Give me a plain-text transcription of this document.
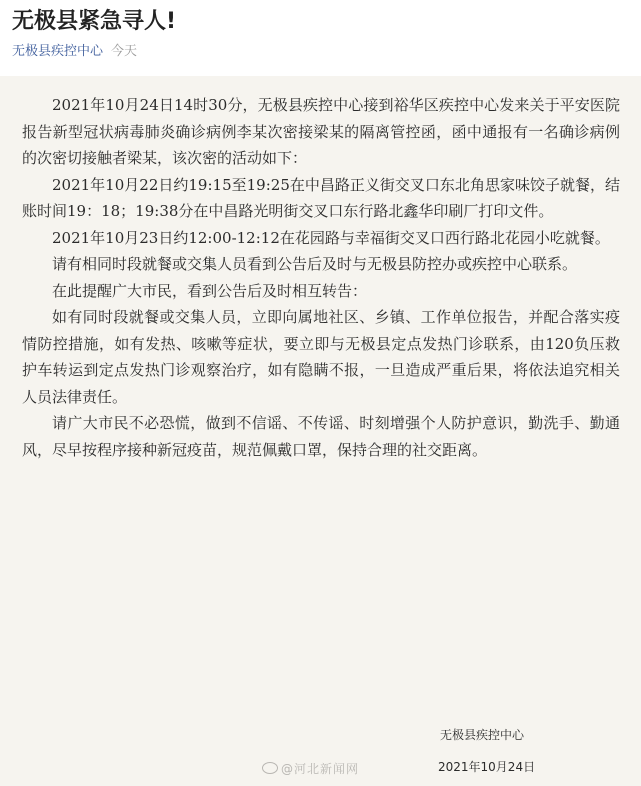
无极县紧急寻人!
无极县疾控中心 今天

2021年10月24日14时30分，无极县疾控中心接到裕华区疾控中心发来关于平安医院报告新型冠状病毒肺炎确诊病例李某次密接梁某的隔离管控函，函中通报有一名确诊病例的次密切接触者梁某，该次密的活动如下：

2021年10月22日约19:15至19:25在中昌路正义街交叉口东北角思家味饺子就餐，结账时间19：18；19:38分在中昌路光明街交叉口东行路北鑫华印刷厂打印文件。

2021年10月23日约12:00-12:12在花园路与幸福街交叉口西行路北花园小吃就餐。

请有相同时段就餐或交集人员看到公告后及时与无极县防控办或疾控中心联系。

在此提醒广大市民，看到公告后及时相互转告：

如有同时段就餐或交集人员，立即向属地社区、乡镇、工作单位报告，并配合落实疫情防控措施，如有发热、咳嗽等症状，要立即与无极县定点发热门诊联系，由120负压救护车转运到定点发热门诊观察治疗，如有隐瞒不报，一旦造成严重后果，将依法追究相关人员法律责任。

请广大市民不必恐慌，做到不信谣、不传谣、时刻增强个人防护意识，勤洗手、勤通风，尽早按程序接种新冠疫苗，规范佩戴口罩，保持合理的社交距离。

无极县疾控中心
@河北新闻网	2021年10月24日
